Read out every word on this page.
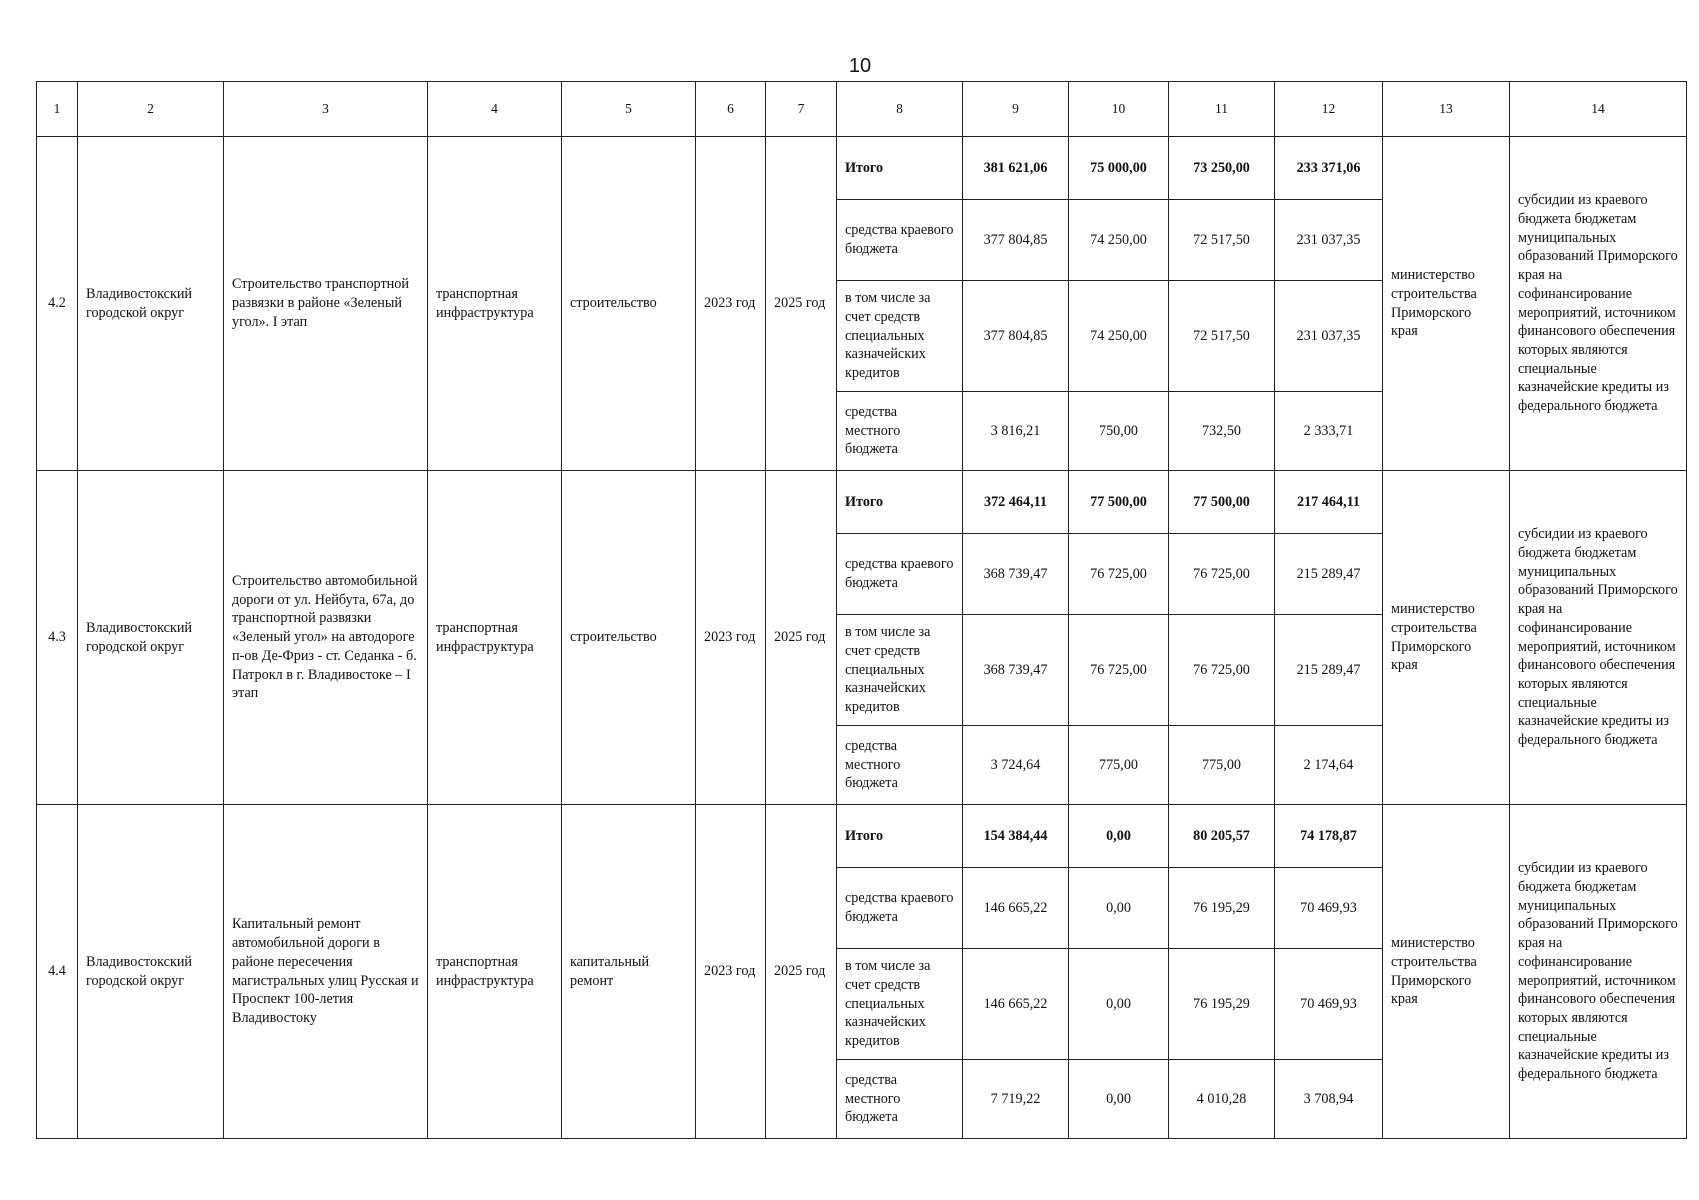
10
1	2	3	4	5	6	7	8	9	10	11	12	13	14
4.2	Владивостокский городской округ	Строительство транспортной развязки в районе «Зеленый угол». I этап	транспортная инфраструктура	строительство	2023 год	2025 год	Итого	381 621,06	75 000,00	73 250,00	233 371,06	министерство строительства Приморского края	субсидии из краевого бюджета бюджетам муниципальных образований Приморского края на софинансирование мероприятий, источником финансового обеспечения которых являются специальные казначейские кредиты из федерального бюджета
							средства краевого бюджета	377 804,85	74 250,00	72 517,50	231 037,35		
							в том числе за счет средств специальных казначейских кредитов	377 804,85	74 250,00	72 517,50	231 037,35		
							средства местного бюджета	3 816,21	750,00	732,50	2 333,71		
4.3	Владивостокский городской округ	Строительство автомобильной дороги от ул. Нейбута, 67а, до транспортной развязки «Зеленый угол» на автодороге п-ов Де-Фриз - ст. Седанка - б. Патрокл в г. Владивостоке – I этап	транспортная инфраструктура	строительство	2023 год	2025 год	Итого	372 464,11	77 500,00	77 500,00	217 464,11	министерство строительства Приморского края	субсидии из краевого бюджета бюджетам муниципальных образований Приморского края на софинансирование мероприятий, источником финансового обеспечения которых являются специальные казначейские кредиты из федерального бюджета
							средства краевого бюджета	368 739,47	76 725,00	76 725,00	215 289,47		
							в том числе за счет средств специальных казначейских кредитов	368 739,47	76 725,00	76 725,00	215 289,47		
							средства местного бюджета	3 724,64	775,00	775,00	2 174,64		
4.4	Владивостокский городской округ	Капитальный ремонт автомобильной дороги в районе пересечения магистральных улиц Русская и Проспект 100-летия Владивостоку	транспортная инфраструктура	капитальный ремонт	2023 год	2025 год	Итого	154 384,44	0,00	80 205,57	74 178,87	министерство строительства Приморского края	субсидии из краевого бюджета бюджетам муниципальных образований Приморского края на софинансирование мероприятий, источником финансового обеспечения которых являются специальные казначейские кредиты из федерального бюджета
							средства краевого бюджета	146 665,22	0,00	76 195,29	70 469,93		
							в том числе за счет средств специальных казначейских кредитов	146 665,22	0,00	76 195,29	70 469,93		
							средства местного бюджета	7 719,22	0,00	4 010,28	3 708,94		
